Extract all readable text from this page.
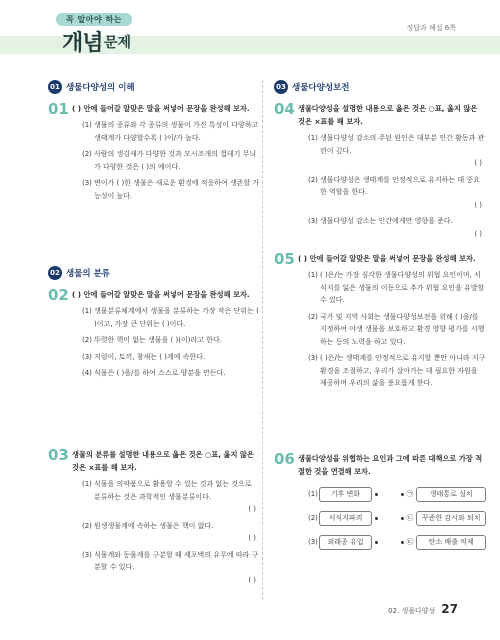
꼭 알아야 하는
개념 문제
정답과 해설 6쪽
01 생물다양성의 이해
01 ( ) 안에 들어갈 알맞은 말을 써넣어 문장을 완성해 보자.
(1) 생물의 종류와 각 종류의 생물이 가진 특성이 다양하고 생태계가 다양할수록 ( )이/가 높다.
(2) 사람의 생김새가 다양한 것과 모시조개의 껍데기 무늬가 다양한 것은 ( )의 예이다.
(3) 변이가 ( )한 생물은 새로운 환경에 적응하여 생존할 가능성이 높다.
02 생물의 분류
02 ( ) 안에 들어갈 알맞은 말을 써넣어 문장을 완성해 보자.
(1) 생물분류체계에서 생물을 분류하는 가장 작은 단위는 ( )이고, 가장 큰 단위는 ( )이다.
(2) 뚜렷한 핵이 없는 생물을 ( )(이)라고 한다.
(3) 지렁이, 토끼, 참새는 ( )계에 속한다.
(4) 식물은 ( )을/를 하여 스스로 양분을 만든다.
03 생물의 분류를 설명한 내용으로 옳은 것은 ○표, 옳지 않은 것은 ×표를 해 보자.
(1) 식물을 의약품으로 활용할 수 있는 것과 없는 것으로 분류하는 것은 과학적인 생물분류이다.
( )
(2) 원생생물계에 속하는 생물은 핵이 없다.
( )
(3) 식물계와 동물계를 구분할 때 세포벽의 유무에 따라 구분할 수 있다.
( )
03 생물다양성보전
04 생물다양성을 설명한 내용으로 옳은 것은 ○표, 옳지 않은 것은 ×표를 해 보자.
(1) 생물다양성 감소의 주된 원인은 대부분 인간 활동과 관련이 깊다.
( )
(2) 생물다양성은 생태계를 안정적으로 유지하는 데 중요한 역할을 한다.
( )
(3) 생물다양성 감소는 인간에게만 영향을 준다.
( )
05 ( ) 안에 들어갈 알맞은 말을 써넣어 문장을 완성해 보자.
(1) ( )은/는 가장 심각한 생물다양성의 위협 요인이며, 서식지를 잃은 생물의 이동으로 추가 위협 요인을 유발할 수 있다.
(2) 국가 및 지역 사회는 생물다양성보전을 위해 ( )을/를 지정하여 야생 생물을 보호하고 환경 영향 평가를 시행하는 등의 노력을 하고 있다.
(3) ( )은/는 생태계를 안정적으로 유지할 뿐만 아니라 지구 환경을 조절하고, 우리가 살아가는 데 필요한 자원을 제공하며 우리의 삶을 풍요롭게 한다.
06 생물다양성을 위협하는 요인과 그에 따른 대책으로 가장 적절한 것을 연결해 보자.
(1)	기후 변화	㉠	생태통로 설치
(2)	서식지파괴	㉡	꾸준한 감시와 퇴치
(3)	외래종 유입	㉢	탄소 배출 억제
02. 생물다양성 27
